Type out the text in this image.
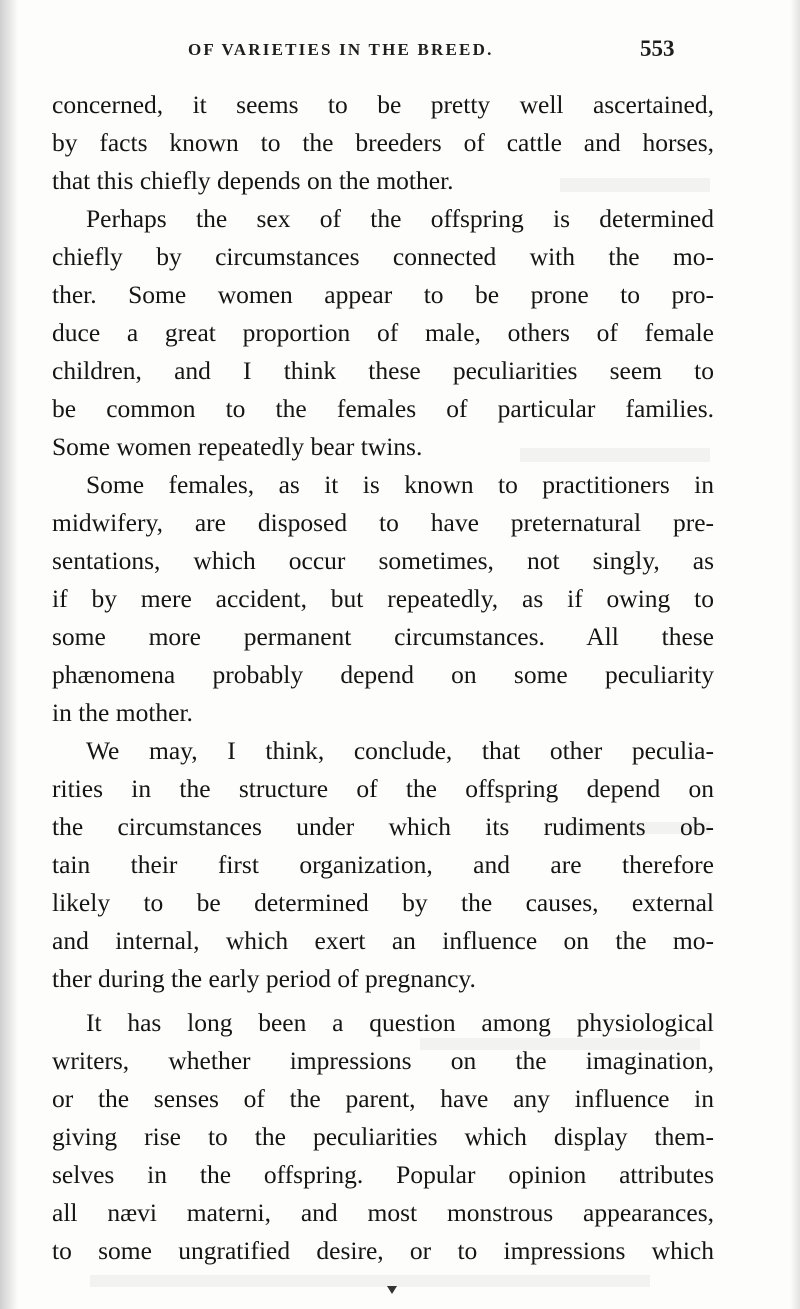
OF VARIETIES IN THE BREED.	553
concerned, it seems to be pretty well ascertained,
by facts known to the breeders of cattle and horses,
that this chiefly depends on the mother.
Perhaps the sex of the offspring is determined
chiefly by circumstances connected with the mo-
ther. Some women appear to be prone to pro-
duce a great proportion of male, others of female
children, and I think these peculiarities seem to
be common to the females of particular families.
Some women repeatedly bear twins.
Some females, as it is known to practitioners in
midwifery, are disposed to have preternatural pre-
sentations, which occur sometimes, not singly, as
if by mere accident, but repeatedly, as if owing to
some more permanent circumstances. All these
phænomena probably depend on some peculiarity
in the mother.
We may, I think, conclude, that other peculia-
rities in the structure of the offspring depend on
the circumstances under which its rudiments ob-
tain their first organization, and are therefore
likely to be determined by the causes, external
and internal, which exert an influence on the mo-
ther during the early period of pregnancy.
It has long been a question among physiological
writers, whether impressions on the imagination,
or the senses of the parent, have any influence in
giving rise to the peculiarities which display them-
selves in the offspring. Popular opinion attributes
all nævi materni, and most monstrous appearances,
to some ungratified desire, or to impressions which
